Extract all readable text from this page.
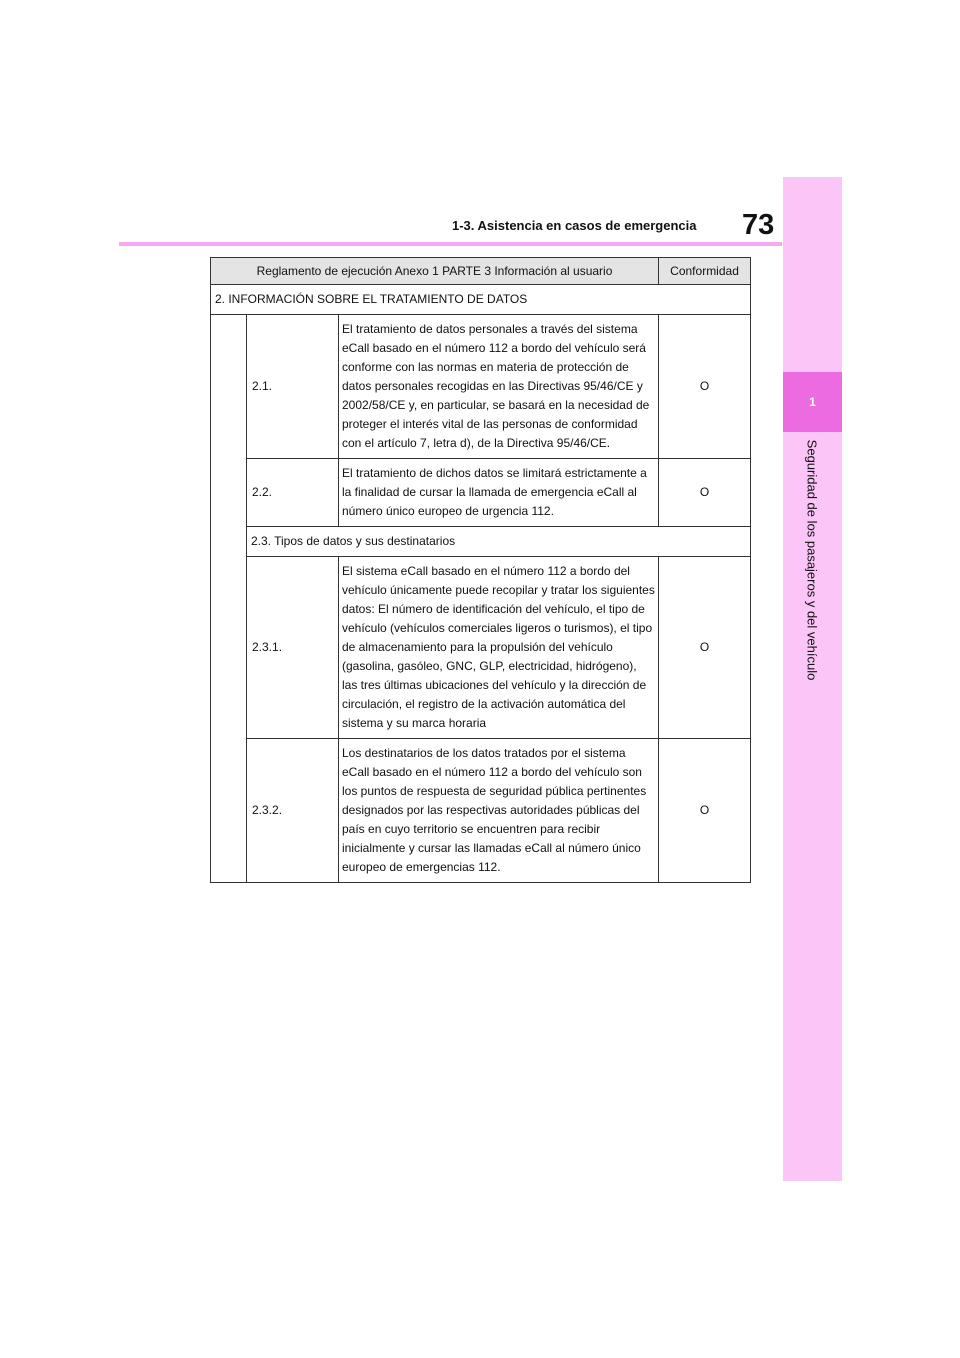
73
1-3. Asistencia en casos de emergencia
1
Seguridad de los pasajeros y del vehículo
Reglamento de ejecución Anexo 1 PARTE 3 Información al usuario			Conformidad
2. INFORMACIÓN SOBRE EL TRATAMIENTO DE DATOS			
	2.1.	El tratamiento de datos personales a través del sistema eCall basado en el número 112 a bordo del vehículo será conforme con las normas en materia de protección de datos personales recogidas en las Directivas 95/46/CE y 2002/58/CE y, en particular, se basará en la necesidad de proteger el interés vital de las personas de conformidad con el artículo 7, letra d), de la Directiva 95/46/CE.	O
	2.2.	El tratamiento de dichos datos se limitará estrictamente a la finalidad de cursar la llamada de emergencia eCall al número único europeo de urgencia 112.	O
	2.3. Tipos de datos y sus destinatarios		
	2.3.1.	El sistema eCall basado en el número 112 a bordo del vehículo únicamente puede recopilar y tratar los siguientes datos: El número de identificación del vehículo, el tipo de vehículo (vehículos comerciales ligeros o turismos), el tipo de almacenamiento para la propulsión del vehículo (gasolina, gasóleo, GNC, GLP, electricidad, hidrógeno), las tres últimas ubicaciones del vehículo y la dirección de circulación, el registro de la activación automática del sistema y su marca horaria	O
	2.3.2.	Los destinatarios de los datos tratados por el sistema eCall basado en el número 112 a bordo del vehículo son los puntos de respuesta de seguridad pública pertinentes designados por las respectivas autoridades públicas del país en cuyo territorio se encuentren para recibir inicialmente y cursar las llamadas eCall al número único europeo de emergencias 112.	O
